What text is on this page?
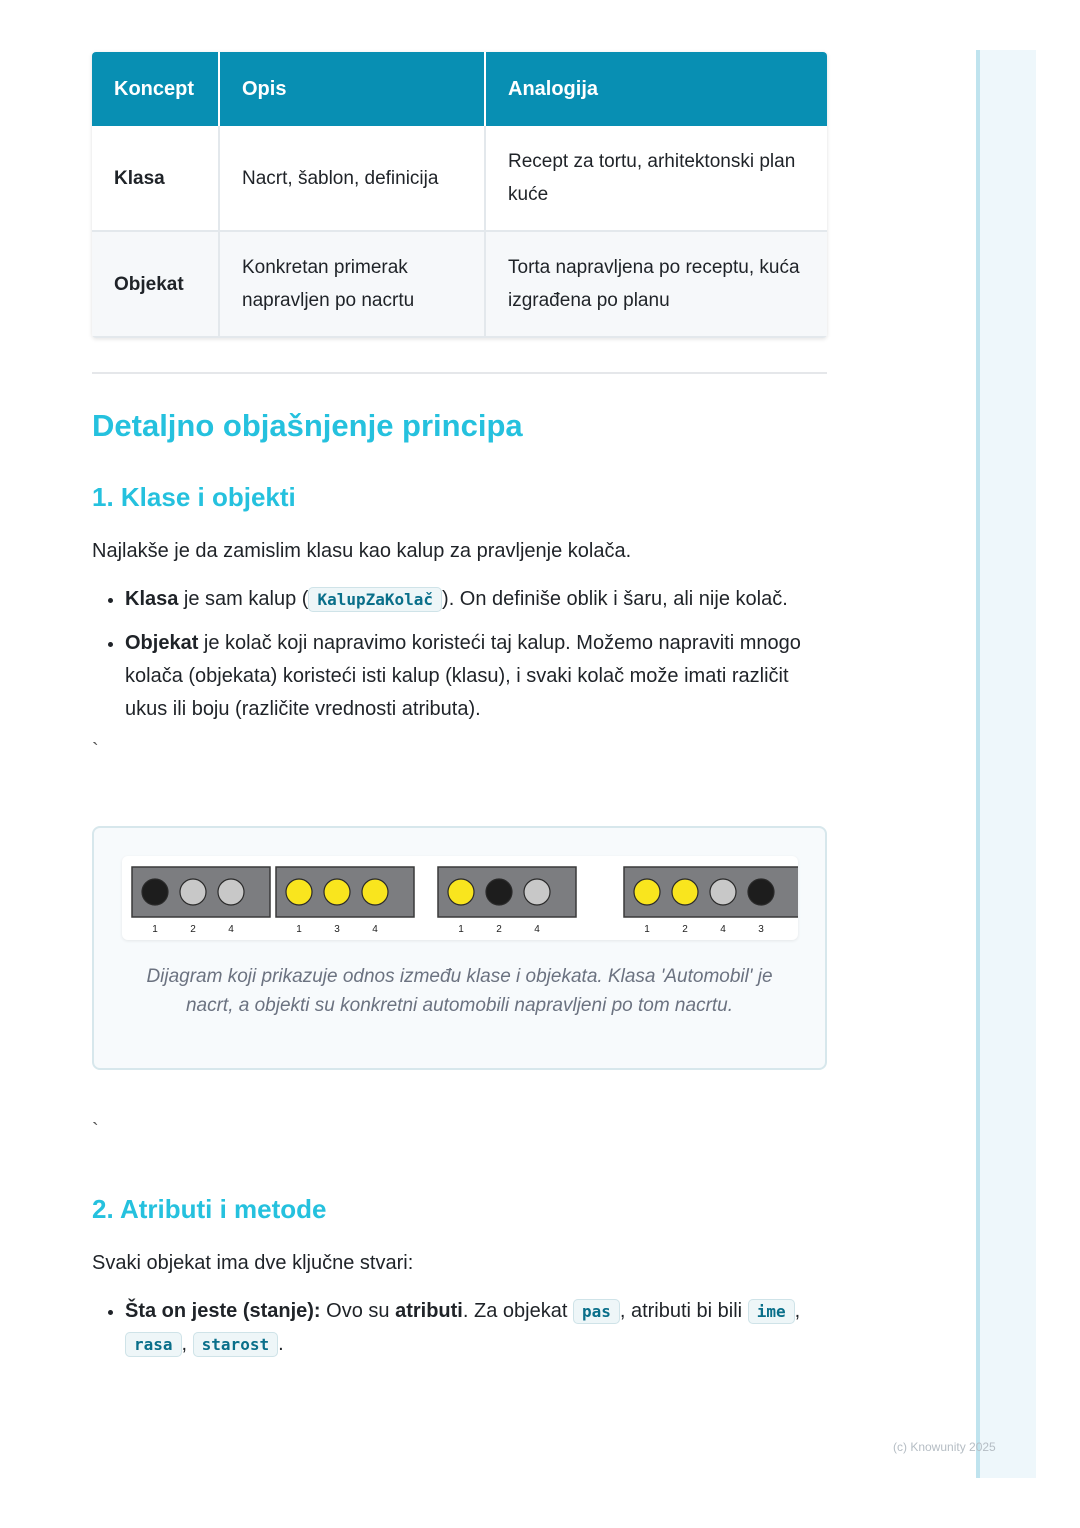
Koncept	Opis	Analogija
Klasa	Nacrt, šablon, definicija	Recept za tortu, arhitektonski plan kuće
Objekat	Konkretan primerak napravljen po nacrtu	Torta napravljena po receptu, kuća izgrađena po planu
Detaljno objašnjenje principa
1. Klase i objekti

Najlakše je da zamislim klasu kao kalup za pravljenje kolača.

• Klasa je sam kalup ( KalupZaKolač ). On definiše oblik i šaru, ali nije kolač.
• Objekat je kolač koji napravimo koristeći taj kalup. Možemo napraviti mnogo kolača (objekata) koristeći isti kalup (klasu), i svaki kolač može imati različit ukus ili boju (različite vrednosti atributa).
`
1	2	4	1	3	4	1	2	4	1	2	4	3
Dijagram koji prikazuje odnos između klase i objekata. Klasa 'Automobil' je nacrt, a objekti su konkretni automobili napravljeni po tom nacrtu.
`
2. Atributi i metode

Svaki objekat ima dve ključne stvari:

• Šta on jeste (stanje): Ovo su atributi. Za objekat pas , atributi bi bili ime , rasa , starost .
(c) Knowunity 2025
